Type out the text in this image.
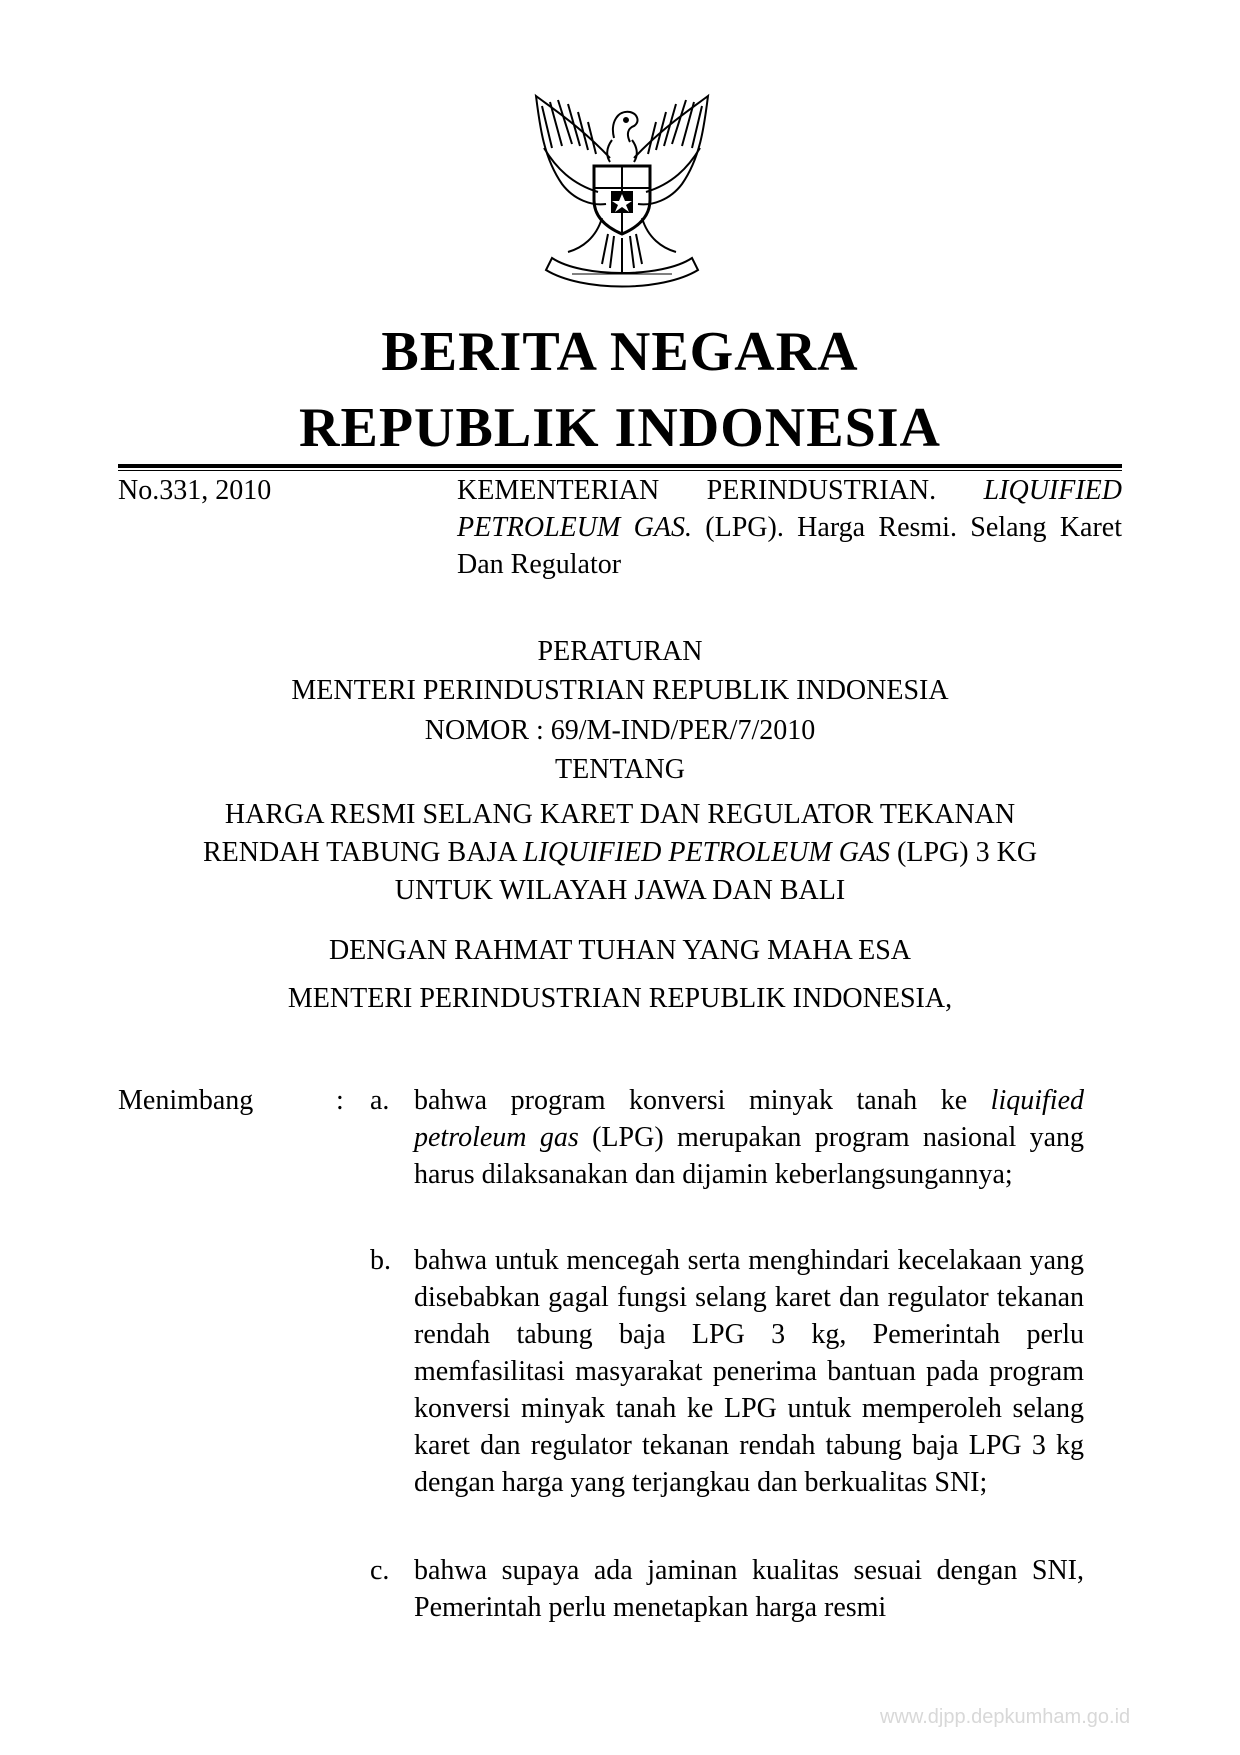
BERITA NEGARA
REPUBLIK INDONESIA
No.331, 2010	KEMENTERIAN PERINDUSTRIAN. LIQUIFIED PETROLEUM GAS. (LPG). Harga Resmi. Selang Karet Dan Regulator
PERATURAN
MENTERI PERINDUSTRIAN REPUBLIK INDONESIA
NOMOR : 69/M-IND/PER/7/2010
TENTANG
HARGA RESMI SELANG KARET DAN REGULATOR TEKANAN
RENDAH TABUNG BAJA LIQUIFIED PETROLEUM GAS (LPG) 3 KG
UNTUK WILAYAH JAWA DAN BALI
DENGAN RAHMAT TUHAN YANG MAHA ESA
MENTERI PERINDUSTRIAN REPUBLIK INDONESIA,
Menimbang	: a. bahwa program konversi minyak tanah ke liquified petroleum gas (LPG) merupakan program nasional yang harus dilaksanakan dan dijamin keberlangsungannya;
b. bahwa untuk mencegah serta menghindari kecelakaan yang disebabkan gagal fungsi selang karet dan regulator tekanan rendah tabung baja LPG 3 kg, Pemerintah perlu memfasilitasi masyarakat penerima bantuan pada program konversi minyak tanah ke LPG untuk memperoleh selang karet dan regulator tekanan rendah tabung baja LPG 3 kg dengan harga yang terjangkau dan berkualitas SNI;
c. bahwa supaya ada jaminan kualitas sesuai dengan SNI, Pemerintah perlu menetapkan harga resmi
www.djpp.depkumham.go.id
